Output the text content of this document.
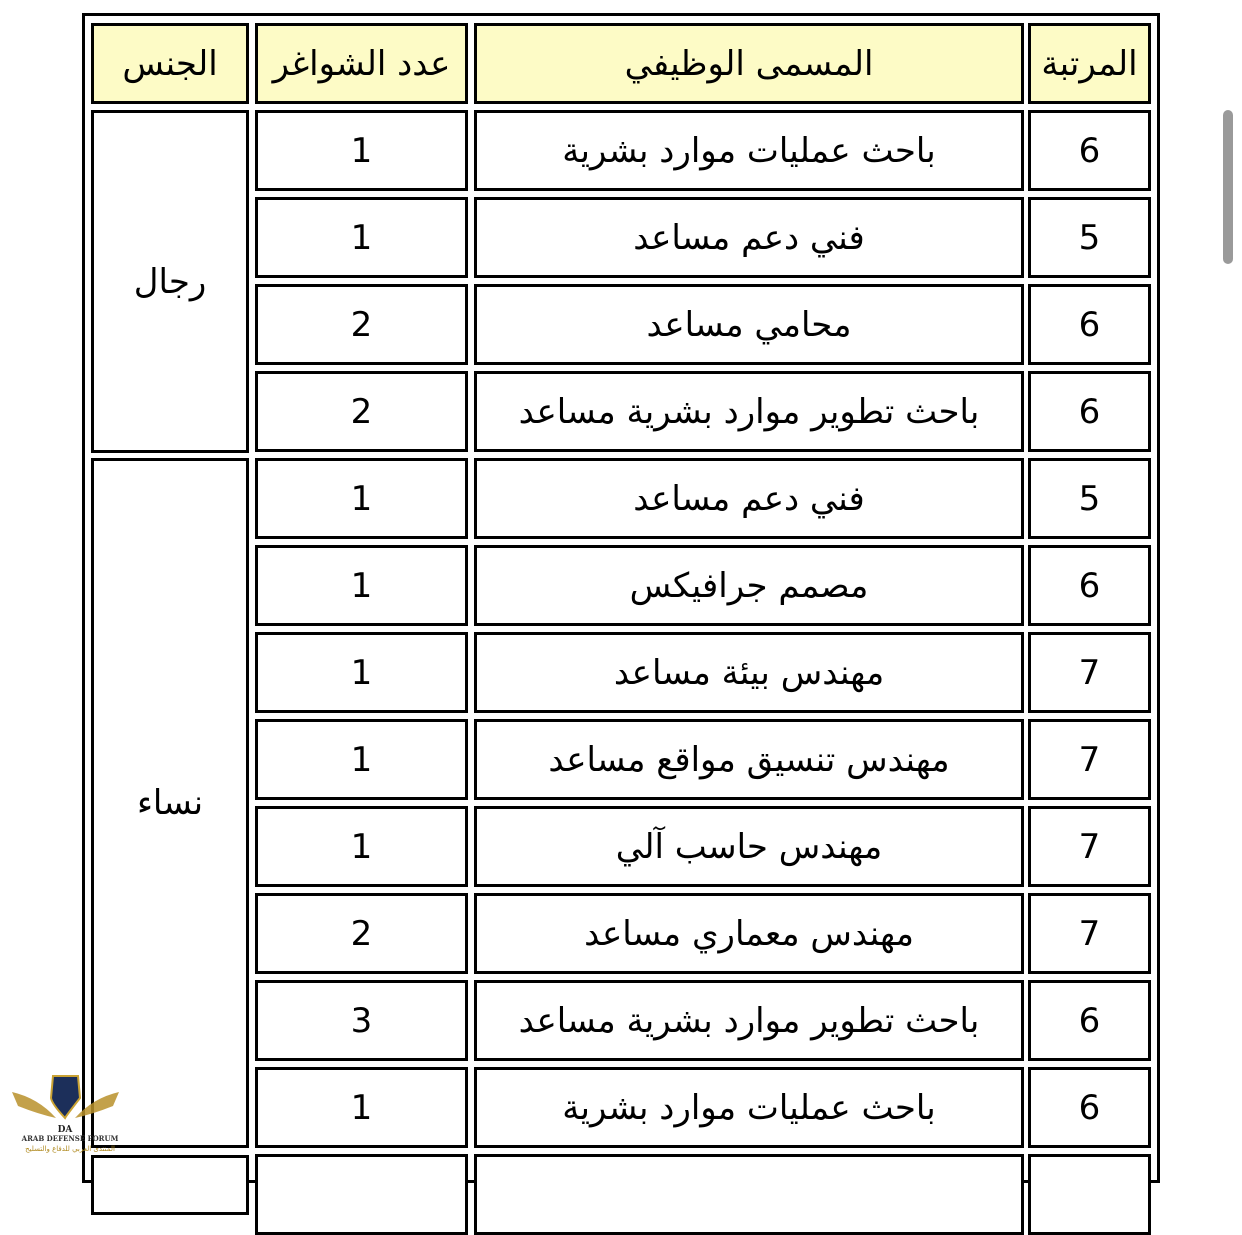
المرتبة
المسمى الوظيفي
عدد الشواغر
الجنس
رجال
نساء
6
باحث عمليات موارد بشرية
1
5
فني دعم مساعد
1
6
محامي مساعد
2
6
باحث تطوير موارد بشرية مساعد
2
5
فني دعم مساعد
1
6
مصمم جرافيكس
1
7
مهندس بيئة مساعد
1
7
مهندس تنسيق مواقع مساعد
1
7
مهندس حاسب آلي
1
7
مهندس معماري مساعد
2
6
باحث تطوير موارد بشرية مساعد
3
6
باحث عمليات موارد بشرية
1
DA
ARAB DEFENSE FORUM
المنتدى العربي للدفاع والتسليح
